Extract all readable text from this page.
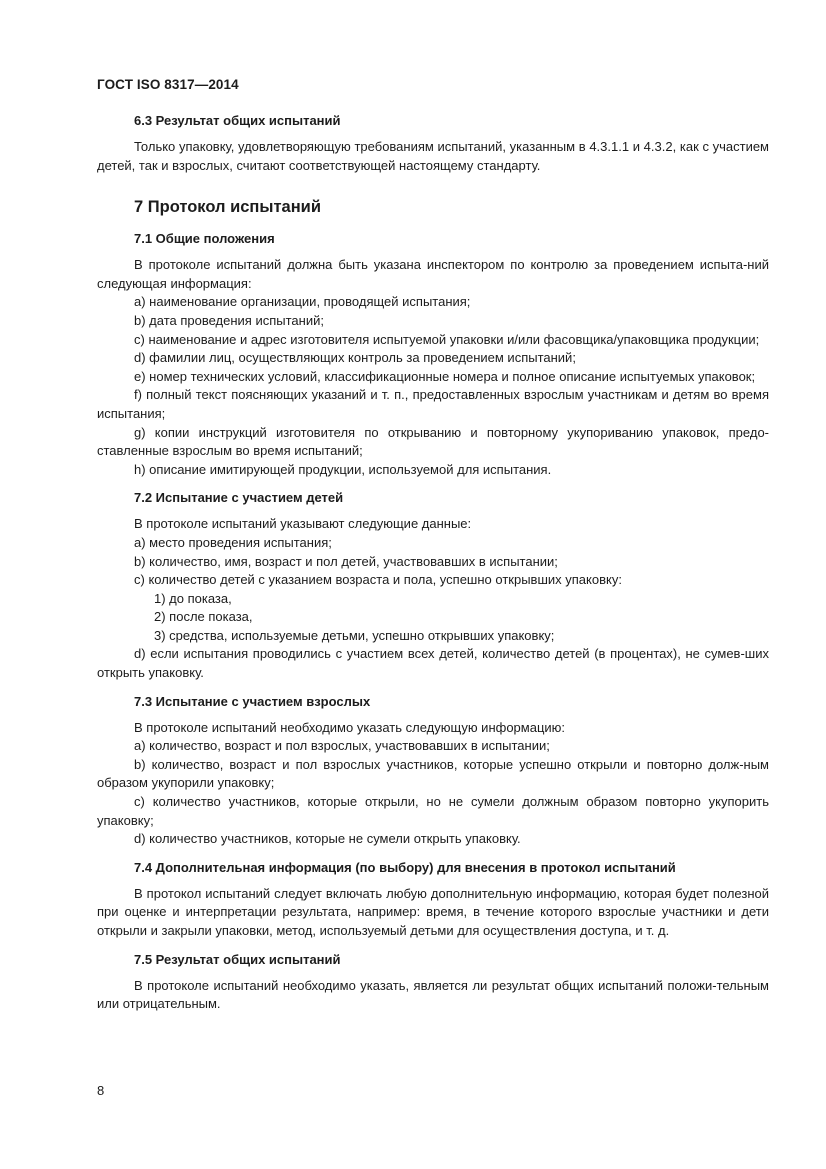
ГОСТ ISO 8317—2014
6.3 Результат общих испытаний

Только упаковку, удовлетворяющую требованиям испытаний, указанным в 4.3.1.1 и 4.3.2, как с участием детей, так и взрослых, считают соответствующей настоящему стандарту.

7 Протокол испытаний
7.1 Общие положения

В протоколе испытаний должна быть указана инспектором по контролю за проведением испыта-ний следующая информация:

a) наименование организации, проводящей испытания;

b) дата проведения испытаний;

c) наименование и адрес изготовителя испытуемой упаковки и/или фасовщика/упаковщика продукции;

d) фамилии лиц, осуществляющих контроль за проведением испытаний;

e) номер технических условий, классификационные номера и полное описание испытуемых упаковок;

f) полный текст поясняющих указаний и т. п., предоставленных взрослым участникам и детям во время испытания;

g) копии инструкций изготовителя по открыванию и повторному укупориванию упаковок, предо-ставленные взрослым во время испытаний;

h) описание имитирующей продукции, используемой для испытания.

7.2 Испытание с участием детей

В протоколе испытаний указывают следующие данные:

a) место проведения испытания;

b) количество, имя, возраст и пол детей, участвовавших в испытании;

c) количество детей с указанием возраста и пола, успешно открывших упаковку:

1) до показа,

2) после показа,

3) средства, используемые детьми, успешно открывших упаковку;

d) если испытания проводились с участием всех детей, количество детей (в процентах), не сумев-ших открыть упаковку.

7.3 Испытание с участием взрослых

В протоколе испытаний необходимо указать следующую информацию:

a) количество, возраст и пол взрослых, участвовавших в испытании;

b) количество, возраст и пол взрослых участников, которые успешно открыли и повторно долж-ным образом укупорили упаковку;

c) количество участников, которые открыли, но не сумели должным образом повторно укупорить упаковку;

d) количество участников, которые не сумели открыть упаковку.

7.4 Дополнительная информация (по выбору) для внесения в протокол испытаний

В протокол испытаний следует включать любую дополнительную информацию, которая будет полезной при оценке и интерпретации результата, например: время, в течение которого взрослые участники и дети открыли и закрыли упаковки, метод, используемый детьми для осуществления доступа, и т. д.

7.5 Результат общих испытаний

В протоколе испытаний необходимо указать, является ли результат общих испытаний положи-тельным или отрицательным.

8
